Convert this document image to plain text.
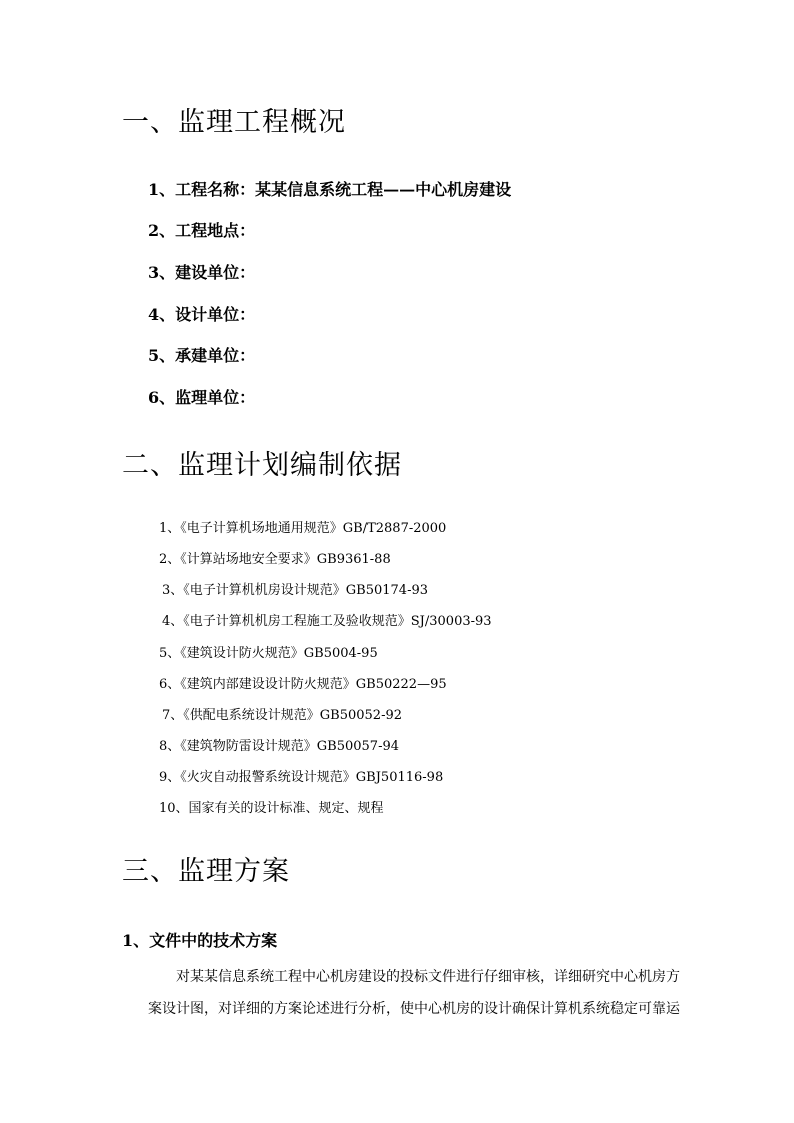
一、监理工程概况
1、工程名称：某某信息系统工程——中心机房建设
2、工程地点：
3、建设单位：
4、设计单位：
5、承建单位：
6、监理单位：
二、监理计划编制依据
1、《电子计算机场地通用规范》GB/T2887-2000
2、《计算站场地安全要求》GB9361-88
3、《电子计算机机房设计规范》GB50174-93
4、《电子计算机机房工程施工及验收规范》SJ/30003-93
5、《建筑设计防火规范》GB5004-95
6、《建筑内部建设设计防火规范》GB50222—95
7、《供配电系统设计规范》GB50052-92
8、《建筑物防雷设计规范》GB50057-94
9、《火灾自动报警系统设计规范》GBJ50116-98
10、国家有关的设计标准、规定、规程
三、监理方案
1、文件中的技术方案
对某某信息系统工程中心机房建设的投标文件进行仔细审核，详细研究中心机房方
案设计图，对详细的方案论述进行分析，使中心机房的设计确保计算机系统稳定可靠运
